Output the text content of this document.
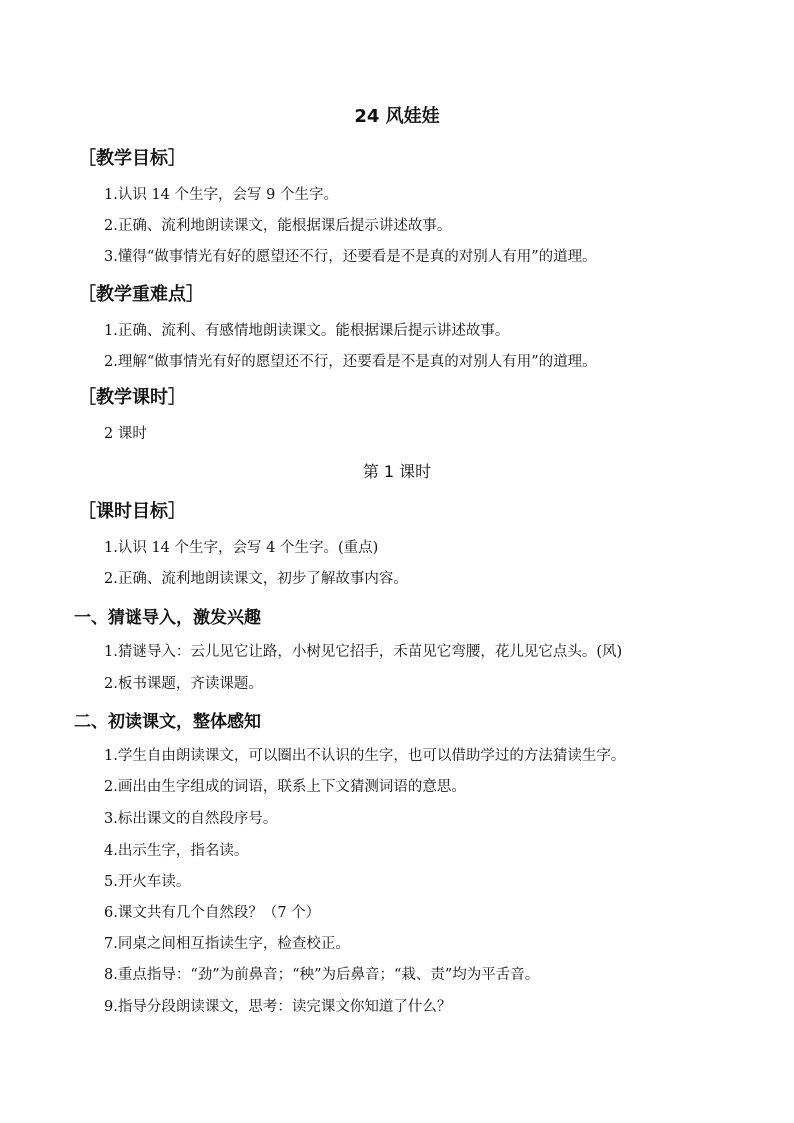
24 风娃娃
［教学目标］
1.认识 14 个生字，会写 9 个生字。
2.正确、流利地朗读课文，能根据课后提示讲述故事。
3.懂得“做事情光有好的愿望还不行，还要看是不是真的对别人有用”的道理。
［教学重难点］
1.正确、流利、有感情地朗读课文。能根据课后提示讲述故事。
2.理解“做事情光有好的愿望还不行，还要看是不是真的对别人有用”的道理。
［教学课时］
2 课时
第 1 课时
［课时目标］
1.认识 14 个生字，会写 4 个生字。(重点)
2.正确、流利地朗读课文，初步了解故事内容。
一、猜谜导入，激发兴趣
1.猜谜导入：云儿见它让路，小树见它招手，禾苗见它弯腰，花儿见它点头。(风)
2.板书课题，齐读课题。
二、初读课文，整体感知
1.学生自由朗读课文，可以圈出不认识的生字，也可以借助学过的方法猜读生字。
2.画出由生字组成的词语，联系上下文猜测词语的意思。
3.标出课文的自然段序号。
4.出示生字，指名读。
5.开火车读。
6.课文共有几个自然段？（7 个）
7.同桌之间相互指读生字，检查校正。
8.重点指导：“劲”为前鼻音；“秧”为后鼻音；“栽、责”均为平舌音。
9.指导分段朗读课文，思考：读完课文你知道了什么？
